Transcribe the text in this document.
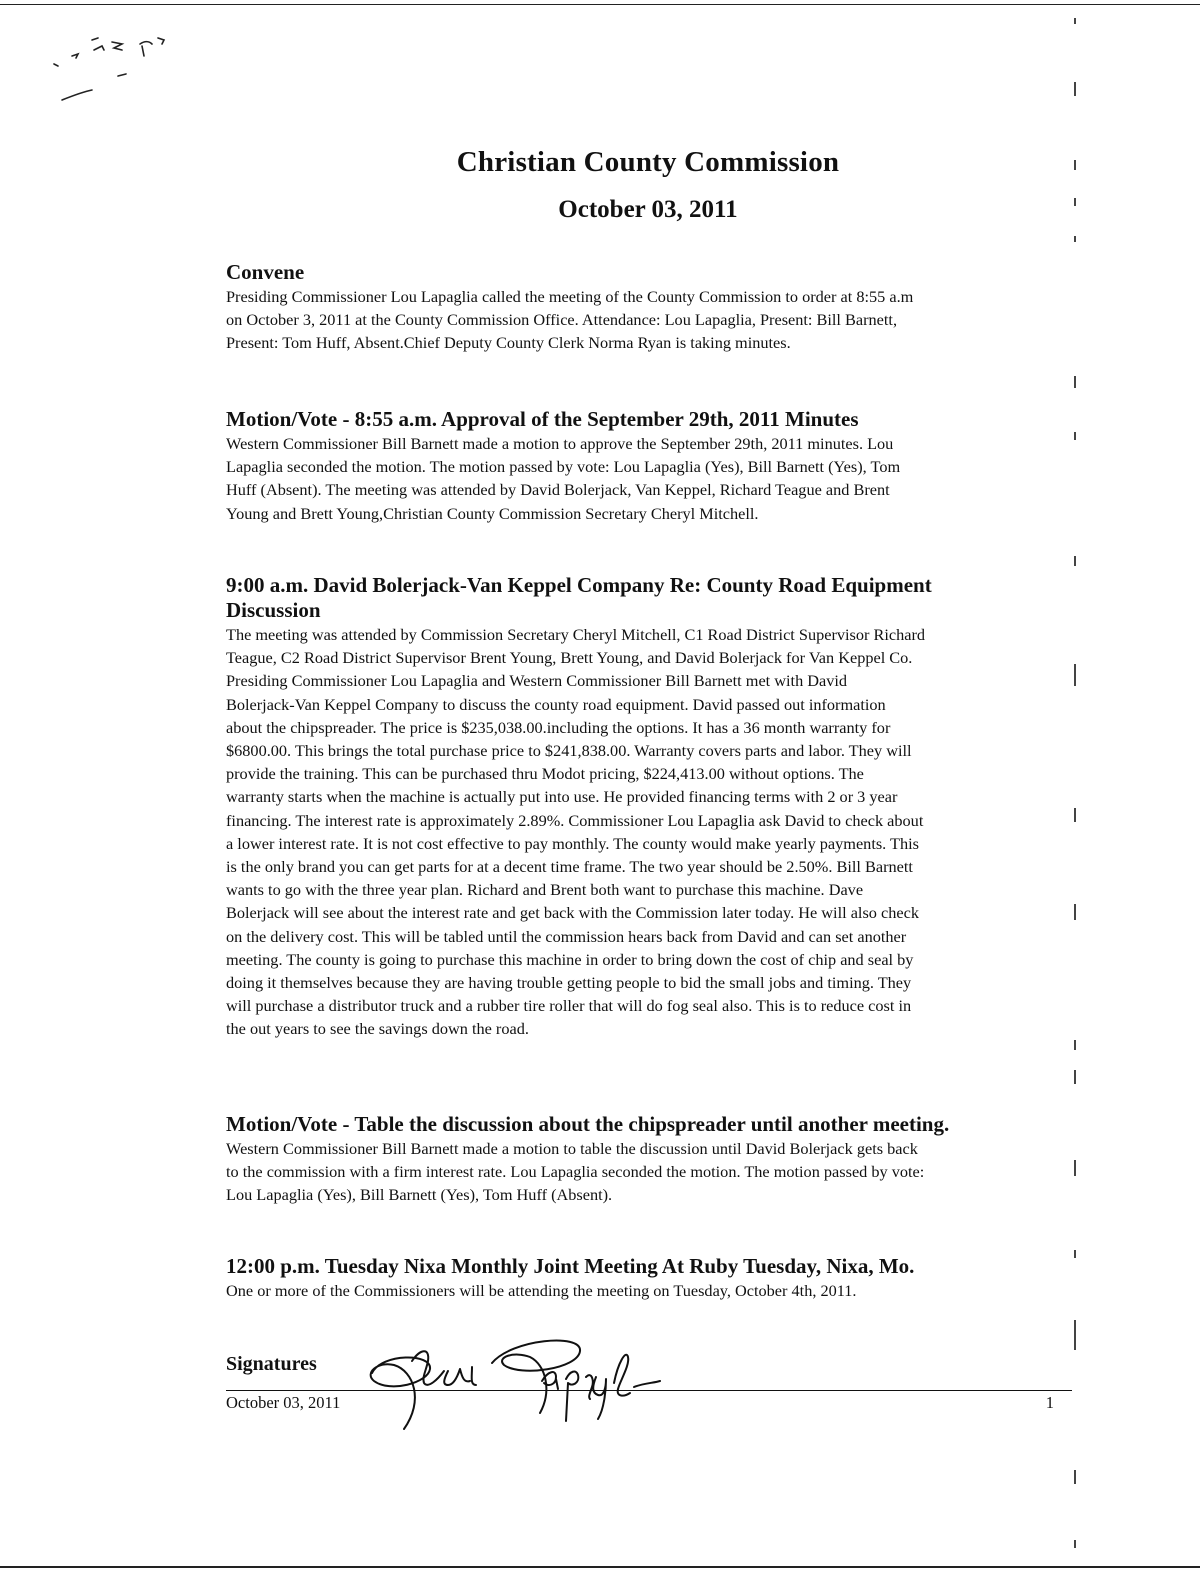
Christian County Commission
October 03, 2011
Convene

Presiding Commissioner Lou Lapaglia called the meeting of the County Commission to order at 8:55 a.m

on October 3, 2011 at the County Commission Office. Attendance: Lou Lapaglia, Present: Bill Barnett,

Present: Tom Huff, Absent.Chief Deputy County Clerk Norma Ryan is taking minutes.

Motion/Vote - 8:55 a.m. Approval of the September 29th, 2011 Minutes

Western Commissioner Bill Barnett made a motion to approve the September 29th, 2011 minutes. Lou

Lapaglia seconded the motion. The motion passed by vote: Lou Lapaglia (Yes), Bill Barnett (Yes), Tom

Huff (Absent). The meeting was attended by David Bolerjack, Van Keppel, Richard Teague and Brent

Young and Brett Young,Christian County Commission Secretary Cheryl Mitchell.

9:00 a.m. David Bolerjack-Van Keppel Company Re: County Road Equipment
Discussion

The meeting was attended by Commission Secretary Cheryl Mitchell, C1 Road District Supervisor Richard

Teague, C2 Road District Supervisor Brent Young, Brett Young, and David Bolerjack for Van Keppel Co.

Presiding Commissioner Lou Lapaglia and Western Commissioner Bill Barnett met with David

Bolerjack-Van Keppel Company to discuss the county road equipment. David passed out information

about the chipspreader. The price is $235,038.00.including the options. It has a 36 month warranty for

$6800.00. This brings the total purchase price to $241,838.00. Warranty covers parts and labor. They will

provide the training. This can be purchased thru Modot pricing, $224,413.00 without options. The

warranty starts when the machine is actually put into use. He provided financing terms with 2 or 3 year

financing. The interest rate is approximately 2.89%. Commissioner Lou Lapaglia ask David to check about

a lower interest rate. It is not cost effective to pay monthly. The county would make yearly payments. This

is the only brand you can get parts for at a decent time frame. The two year should be 2.50%. Bill Barnett

wants to go with the three year plan. Richard and Brent both want to purchase this machine. Dave

Bolerjack will see about the interest rate and get back with the Commission later today. He will also check

on the delivery cost. This will be tabled until the commission hears back from David and can set another

meeting. The county is going to purchase this machine in order to bring down the cost of chip and seal by

doing it themselves because they are having trouble getting people to bid the small jobs and timing. They

will purchase a distributor truck and a rubber tire roller that will do fog seal also. This is to reduce cost in

the out years to see the savings down the road.

Motion/Vote - Table the discussion about the chipspreader until another meeting.

Western Commissioner Bill Barnett made a motion to table the discussion until David Bolerjack gets back

to the commission with a firm interest rate. Lou Lapaglia seconded the motion. The motion passed by vote:

Lou Lapaglia (Yes), Bill Barnett (Yes), Tom Huff (Absent).

12:00 p.m. Tuesday Nixa Monthly Joint Meeting At Ruby Tuesday, Nixa, Mo.

One or more of the Commissioners will be attending the meeting on Tuesday, October 4th, 2011.

Signatures

October 03, 2011	1
